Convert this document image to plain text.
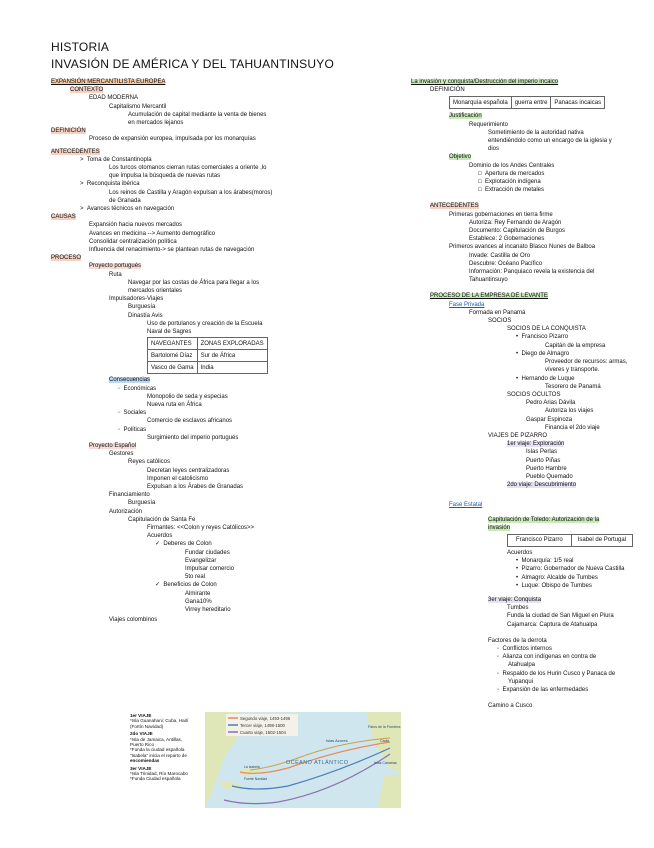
HISTORIA
INVASIÓN DE AMÉRICA Y DEL TAHUANTINSUYO
EXPANSIÓN MERCANTILISTA EUROPEA
CONTEXTO
EDAD MODERNA
Capitalismo Mercantil
Acumulación de capital mediante la venta de bienes
en mercados lejanos
DEFINICIÓN
Proceso de expansión europea, impulsada por los monarquías
ANTECEDENTES
> Toma de Constantinopla
Los turcos otomanos cierran rutas comerciales a oriente ,lo
que impulsa la búsqueda de nuevas rutas
> Reconquista ibérica
Los reinos de Castilla y Aragón expulsan a los árabes(moros)
de Granada
> Avances técnicos en navegación
CAUSAS
Expansión hacia nuevos mercados
Avances en medicina --> Aumento demográfico
Consolidar centralización política
Influencia del renacimiento-> se plantean rutas de navegación
PROCESO
Proyecto portugués
Ruta
Navegar por las costas de África para llegar a los
mercados orientales
Impulsadores-Viajes
Burguesía
Dinastía Avis
Uso de portulanos y creación de la Escuela
Naval de Sagres
NAVEGANTES	ZONAS EXPLORADAS
Bartolomé Díaz	Sur de África
Vasco de Gama	India
Consecuencias
◦ Económicas
Monopolio de seda y especias
Nueva ruta en África
◦ Sociales
Comercio de esclavos africanos
◦ Políticas
Surgimiento del imperio portugués
Proyecto Español
Gestores
Reyes católicos
Decretan leyes centralizadoras
Imponen el catolicismo
Expulsan a los Árabes de Granadas
Financiamiento
Burguesía
Autorización
Capitulación de Santa Fe
Firmantes: <<Colon y reyes Católicos>>
Acuerdos
✓ Deberes de Colon
Fundar ciudades
Evangelizar
Impulsar comercio
5to real
✓ Beneficios de Colon
Almirante
Gana10%
Virrey hereditario
Viajes colombinos
1er VIAJE
*Isla Guanahani; Cuba, Haití
(Fortín Navidad)
2do VIAJE
*Isla de Jamaica, Antillas,
Puerto Rico
*Funda la ciudad española
"Isabela" inicia el reparto de
encomiendas
3er VIAJE
*Isla Trinidad, Río Marocabo
*Funda Ciudad española
Segundo viaje, 1493-1496
Tercer viaje, 1498-1500
Cuarto viaje, 1502-1504
OCÉANO ATLÁNTICO
Islas Azores
Palos de la Frontera
Cádiz
Islas Canarias
La Isabela
Fuerte Navidad
La invasión y conquista/Destrucción del imperio incaico
DEFINICIÓN
Monarquía española	guerra entre	Panacas incaicas
Justificación
Requerimiento
Sometimiento de la autoridad nativa
entendiéndolo como un encargo de la iglesia y
dios
Objetivo
Dominio de los Andes Centrales
□ Apertura de mercados
□ Explotación indígena
□ Extracción de metales
ANTECEDENTES
Primeras gobernaciones en tierra firme
Autoriza: Rey Fernando de Aragón
Documento: Capitulación de Burgos
Establece: 2 Gobernaciones
Primeros avances al incanato Blasco Nunes de Balboa
Invade: Castilla de Oro
Descubre: Océano Pacífico
Información: Panquiaco revela la existencia del
Tahuantinsuyo
PROCESO DE LA EMPRESA DE LEVANTE
Fase Privada
Formada en Panamá
SOCIOS
SOCIOS DE LA CONQUISTA
• Francisco Pizarro
Capitán de la empresa
• Diego de Almagro
Proveedor de recursos: armas,
víveres y transporte.
• Hernando de Luque
Tesorero de Panamá
SOCIOS OCULTOS
Pedro Arias Dávila
Autoriza los viajes
Gaspar Espinoza
Financia el 2do viaje
VIAJES DE PIZARRO
1er viaje: Exploración
Islas Perlas
Puerto Piñas
Puerto Hambre
Pueblo Quemado
2do viaje: Descubrimiento
Fase Estatal
Capitulación de Toledo: Autorización de la
invasión
Francisco Pizarro	Isabel de Portugal
Acuerdos
• Monarquía: 1/5 real
• Pizarro: Gobernador de Nueva Castilla
• Almagro: Alcalde de Tumbes
• Luque: Obispo de Tumbes
3er viaje: Conquista
Tumbes
Funda la ciudad de San Miguel en Piura
Cajamarca: Captura de Atahualpa
Factores de la derrota
◦ Conflictos internos
◦ Alianza con indígenas en contra de
Atahualpa
◦ Respaldo de los Hurin Cusco y Panaca de
Yupanqui
◦ Expansión de las enfermedades
Camino a Cusco
